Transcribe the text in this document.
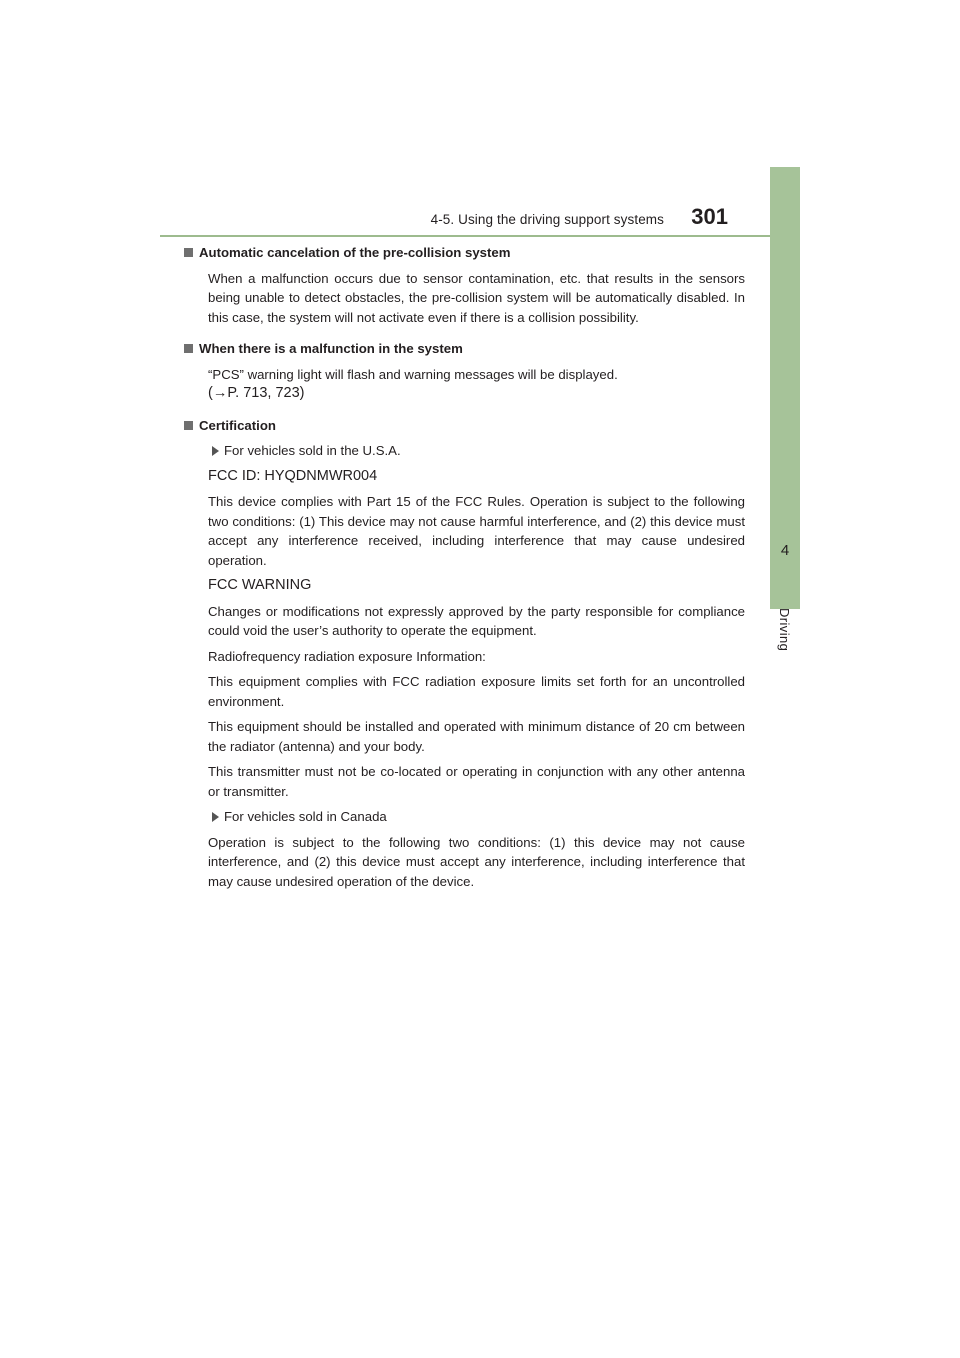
4-5. Using the driving support systems 301
4
Driving
Automatic cancelation of the pre-collision system

When a malfunction occurs due to sensor contamination, etc. that results in the sensors being unable to detect obstacles, the pre-collision system will be automatically disabled. In this case, the system will not activate even if there is a collision possibility.

When there is a malfunction in the system

“PCS” warning light will flash and warning messages will be displayed.

(→P. 713, 723)

Certification
For vehicles sold in the U.S.A.

FCC ID: HYQDNMWR004

This device complies with Part 15 of the FCC Rules. Operation is subject to the following two conditions: (1) This device may not cause harmful interference, and (2) this device must accept any interference received, including interference that may cause undesired operation.

FCC WARNING

Changes or modifications not expressly approved by the party responsible for compliance could void the user’s authority to operate the equipment.

Radiofrequency radiation exposure Information:

This equipment complies with FCC radiation exposure limits set forth for an uncontrolled environment.

This equipment should be installed and operated with minimum distance of 20 cm between the radiator (antenna) and your body.

This transmitter must not be co-located or operating in conjunction with any other antenna or transmitter.

For vehicles sold in Canada

Operation is subject to the following two conditions: (1) this device may not cause interference, and (2) this device must accept any interference, including interference that may cause undesired operation of the device.
